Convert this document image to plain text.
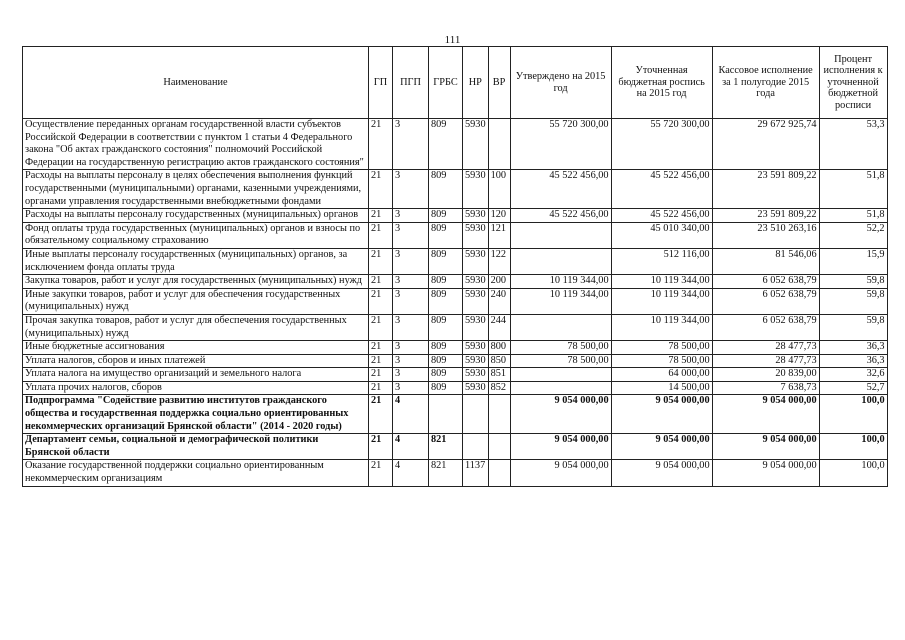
111
Наименование	ГП	ПГП	ГРБС	НР	ВР	Утверждено на 2015 год	Уточненная бюджетная роспись на 2015 год	Кассовое исполнение за 1 полугодие 2015 года	Процент исполнения к уточненной бюджетной росписи
Осуществление переданных органам государственной власти субъектов Российской Федерации в соответствии с пунктом 1 статьи 4 Федерального закона "Об актах гражданского состояния" полномочий Российской Федерации на государственную регистрацию актов гражданского состояния"	21	3	809	5930		55 720 300,00	55 720 300,00	29 672 925,74	53,3
Расходы на выплаты персоналу в целях обеспечения выполнения функций государственными (муниципальными) органами, казенными учреждениями, органами управления государственными внебюджетными фондами	21	3	809	5930	100	45 522 456,00	45 522 456,00	23 591 809,22	51,8
Расходы на выплаты персоналу государственных (муниципальных) органов	21	3	809	5930	120	45 522 456,00	45 522 456,00	23 591 809,22	51,8
Фонд оплаты труда государственных (муниципальных) органов и взносы по обязательному социальному страхованию	21	3	809	5930	121		45 010 340,00	23 510 263,16	52,2
Иные выплаты персоналу государственных (муниципальных) органов, за исключением фонда оплаты труда	21	3	809	5930	122		512 116,00	81 546,06	15,9
Закупка товаров, работ и услуг для государственных (муниципальных) нужд	21	3	809	5930	200	10 119 344,00	10 119 344,00	6 052 638,79	59,8
Иные закупки товаров, работ и услуг для обеспечения государственных (муниципальных) нужд	21	3	809	5930	240	10 119 344,00	10 119 344,00	6 052 638,79	59,8
Прочая закупка товаров, работ и услуг для обеспечения государственных (муниципальных) нужд	21	3	809	5930	244		10 119 344,00	6 052 638,79	59,8
Иные бюджетные ассигнования	21	3	809	5930	800	78 500,00	78 500,00	28 477,73	36,3
Уплата налогов, сборов и иных платежей	21	3	809	5930	850	78 500,00	78 500,00	28 477,73	36,3
Уплата налога на имущество организаций и земельного налога	21	3	809	5930	851		64 000,00	20 839,00	32,6
Уплата прочих налогов, сборов	21	3	809	5930	852		14 500,00	7 638,73	52,7
Подпрограмма "Содействие развитию институтов гражданского общества и государственная поддержка социально ориентированных некоммерческих организаций Брянской области" (2014 - 2020 годы)	21	4				9 054 000,00	9 054 000,00	9 054 000,00	100,0
Департамент семьи, социальной и демографической политики Брянской области	21	4	821			9 054 000,00	9 054 000,00	9 054 000,00	100,0
Оказание государственной поддержки социально ориентированным некоммерческим организациям	21	4	821	1137		9 054 000,00	9 054 000,00	9 054 000,00	100,0
